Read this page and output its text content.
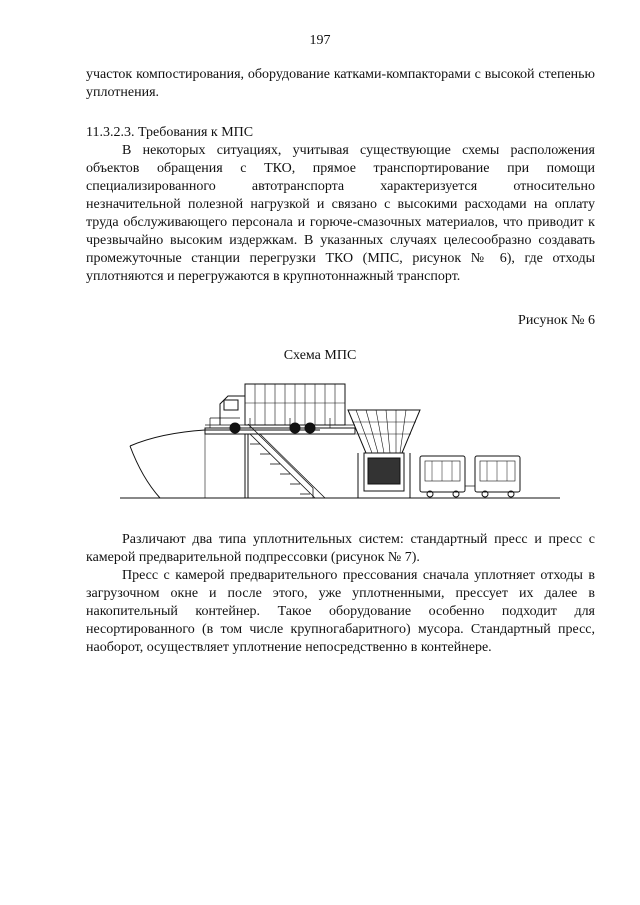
197
участок компостирования, оборудование катками-компакторами с высокой степенью уплотнения.
11.3.2.3. Требования к МПС
В некоторых ситуациях, учитывая существующие схемы расположения объектов обращения с ТКО, прямое транспортирование при помощи специализированного автотранспорта характеризуется относительно незначительной полезной нагрузкой и связано с высокими расходами на оплату труда обслуживающего персонала и горюче-смазочных материалов, что приводит к чрезвычайно высоким издержкам. В указанных случаях целесообразно создавать промежуточные станции перегрузки ТКО (МПС, рисунок № 6), где отходы уплотняются и перегружаются в крупнотоннажный транспорт.
Рисунок № 6
Схема МПС
Различают два типа уплотнительных систем: стандартный пресс и пресс с камерой предварительной подпрессовки (рисунок № 7).
Пресс с камерой предварительного прессования сначала уплотняет отходы в загрузочном окне и после этого, уже уплотненными, прессует их далее в накопительный контейнер. Такое оборудование особенно подходит для несортированного (в том числе крупногабаритного) мусора. Стандартный пресс, наоборот, осуществляет уплотнение непосредственно в контейнере.
